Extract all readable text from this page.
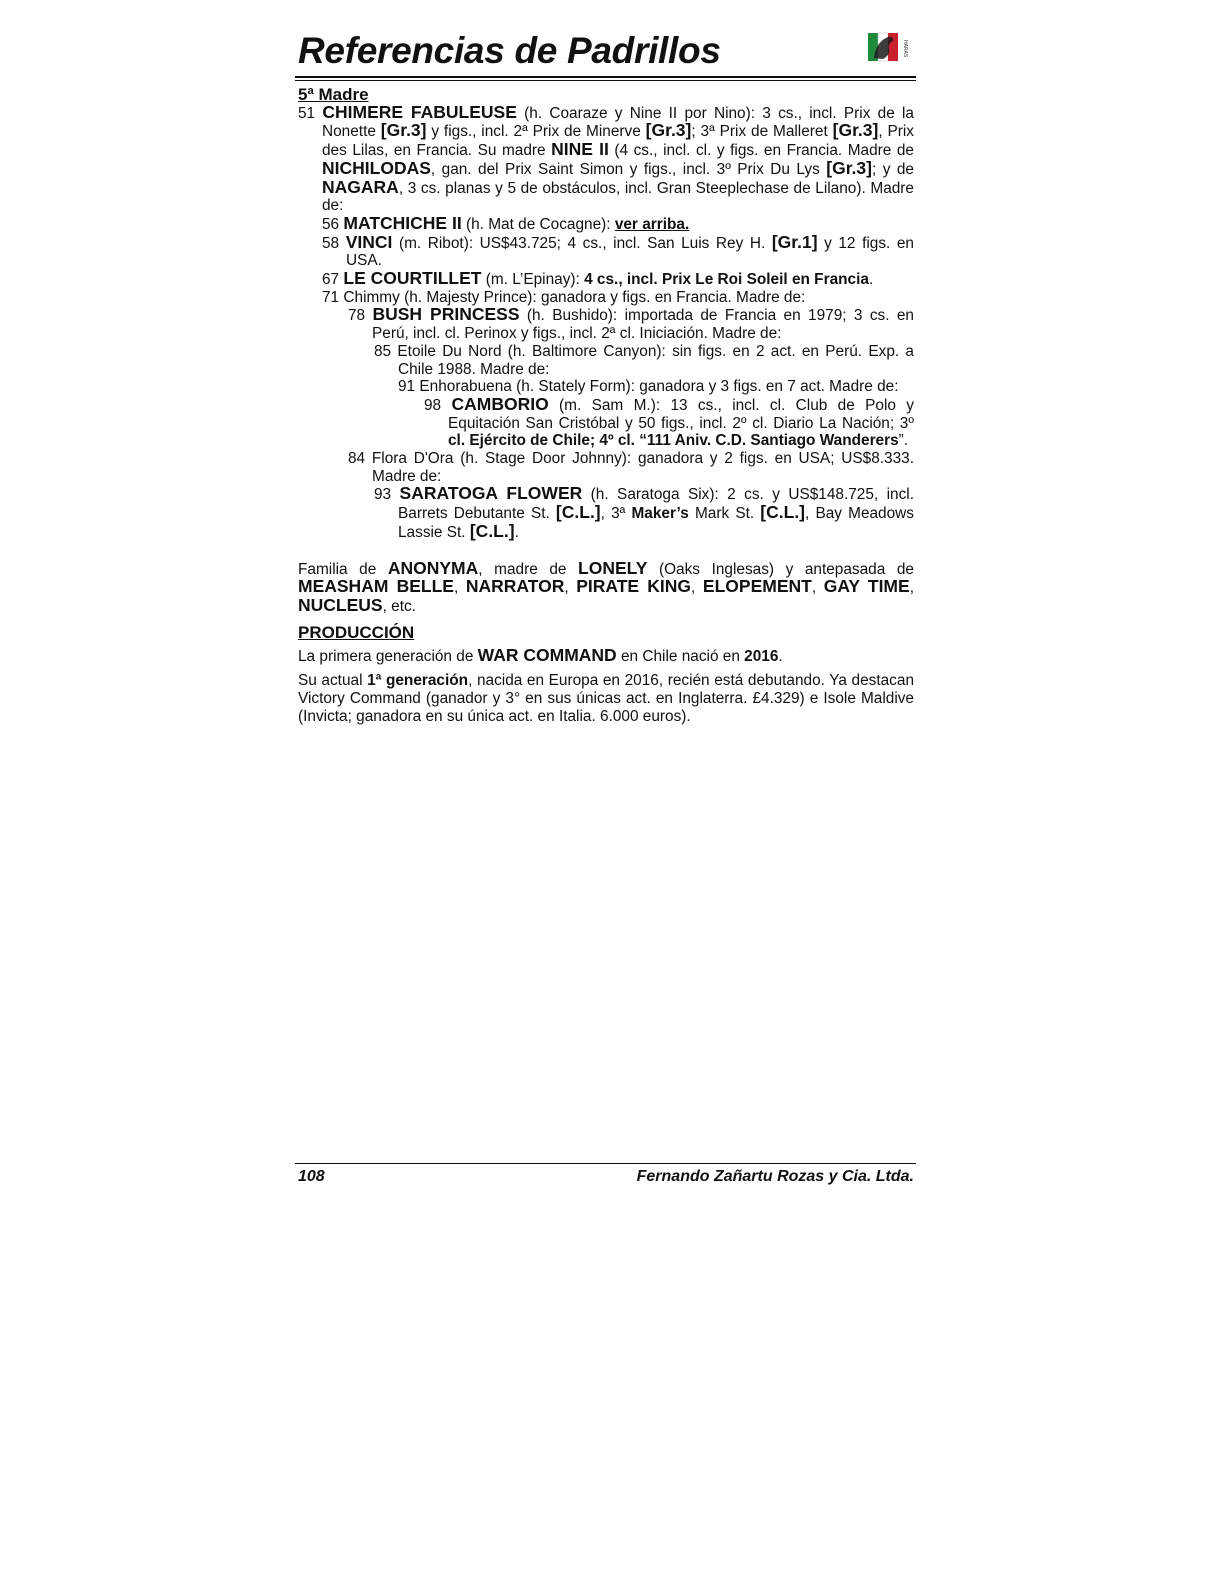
Referencias de Padrillos	HARAS

5ª Madre

51 CHIMERE FABULEUSE (h. Coaraze y Nine II por Nino): 3 cs., incl. Prix de la Nonette [Gr.3] y figs., incl. 2ª Prix de Minerve [Gr.3]; 3ª Prix de Malleret [Gr.3], Prix des Lilas, en Francia. Su madre NINE II (4 cs., incl. cl. y figs. en Francia. Madre de NICHILODAS, gan. del Prix Saint Simon y figs., incl. 3º Prix Du Lys [Gr.3]; y de NAGARA, 3 cs. planas y 5 de obstáculos, incl. Gran Steeplechase de Lilano). Madre de:

56 MATCHICHE II (h. Mat de Cocagne): ver arriba.

58 VINCI (m. Ribot): US$43.725; 4 cs., incl. San Luis Rey H. [Gr.1] y 12 figs. en USA.

67 LE COURTILLET (m. L’Epinay): 4 cs., incl. Prix Le Roi Soleil en Francia.

71 Chimmy (h. Majesty Prince): ganadora y figs. en Francia. Madre de:

78 BUSH PRINCESS (h. Bushido): importada de Francia en 1979; 3 cs. en Perú, incl. cl. Perinox y figs., incl. 2ª cl. Iniciación. Madre de:

85 Etoile Du Nord (h. Baltimore Canyon): sin figs. en 2 act. en Perú. Exp. a Chile 1988. Madre de:

91 Enhorabuena (h. Stately Form): ganadora y 3 figs. en 7 act. Madre de:

98 CAMBORIO (m. Sam M.): 13 cs., incl. cl. Club de Polo y Equitación San Cristóbal y 50 figs., incl. 2º cl. Diario La Nación; 3º cl. Ejército de Chile; 4º cl. “111 Aniv. C.D. Santiago Wanderers”.

84 Flora D'Ora (h. Stage Door Johnny): ganadora y 2 figs. en USA; US$8.333. Madre de:

93 SARATOGA FLOWER (h. Saratoga Six): 2 cs. y US$148.725, incl. Barrets Debutante St. [C.L.], 3ª Maker’s Mark St. [C.L.], Bay Meadows Lassie St. [C.L.].

Familia de ANONYMA, madre de LONELY (Oaks Inglesas) y antepasada de MEASHAM BELLE, NARRATOR, PIRATE KING, ELOPEMENT, GAY TIME, NUCLEUS, etc.

PRODUCCIÓN

La primera generación de WAR COMMAND en Chile nació en 2016.

Su actual 1ª generación, nacida en Europa en 2016, recién está debutando. Ya destacan Victory Command (ganador y 3° en sus únicas act. en Inglaterra. £4.329) e Isole Maldive (Invicta; ganadora en su única act. en Italia. 6.000 euros).

108	Fernando Zañartu Rozas y Cia. Ltda.
